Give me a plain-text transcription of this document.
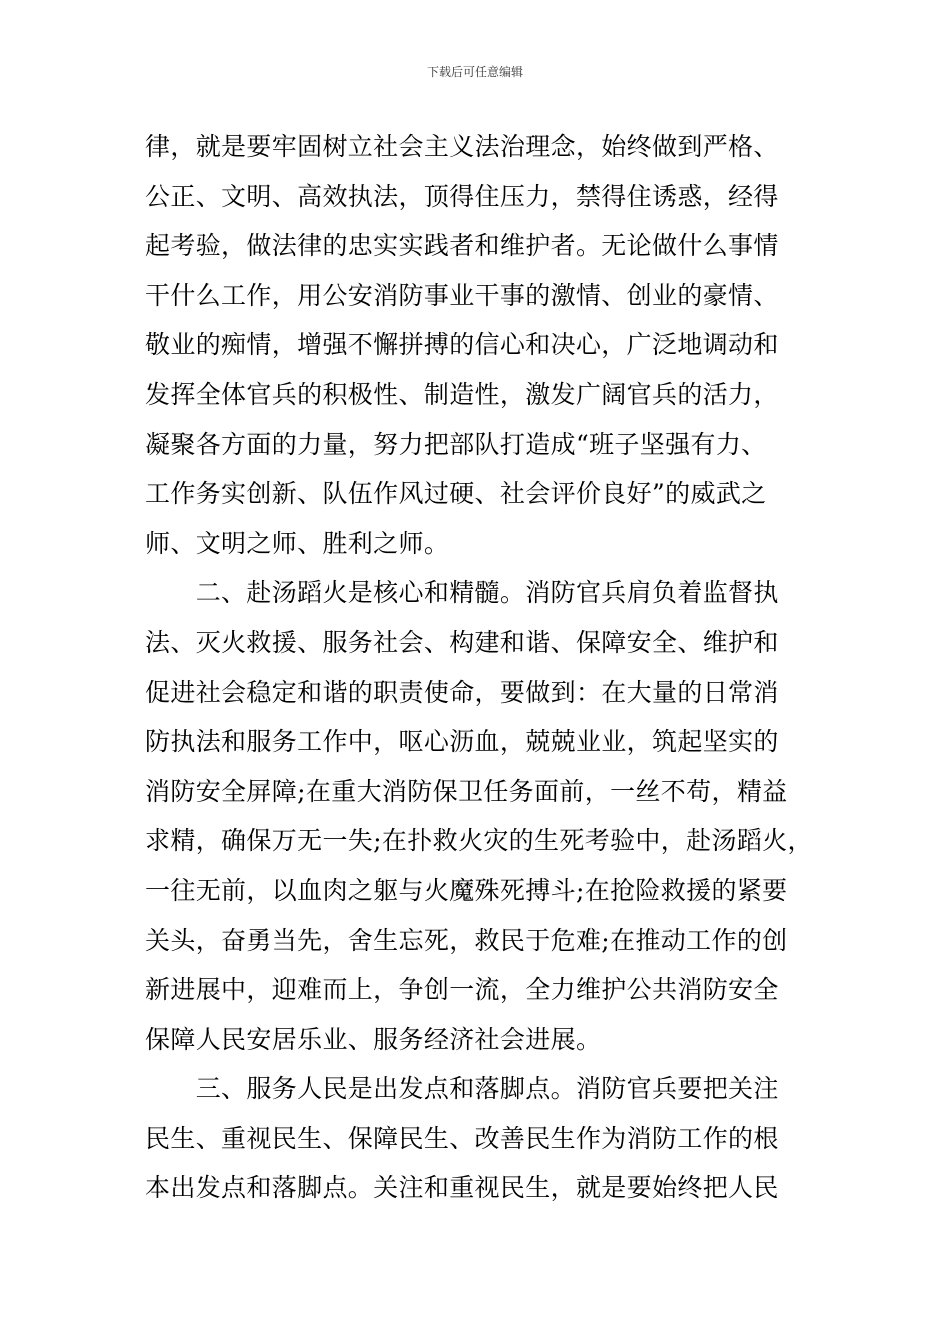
下载后可任意编辑
律，就是要牢固树立社会主义法治理念，始终做到严格、
公正、文明、高效执法，顶得住压力，禁得住诱惑，经得
起考验，做法律的忠实实践者和维护者。无论做什么事情
干什么工作，用公安消防事业干事的激情、创业的豪情、
敬业的痴情，增强不懈拼搏的信心和决心，广泛地调动和
发挥全体官兵的积极性、制造性，激发广阔官兵的活力，
凝聚各方面的力量，努力把部队打造成“班子坚强有力、
工作务实创新、队伍作风过硬、社会评价良好”的威武之
师、文明之师、胜利之师。
　　二、赴汤蹈火是核心和精髓。消防官兵肩负着监督执
法、灭火救援、服务社会、构建和谐、保障安全、维护和
促进社会稳定和谐的职责使命，要做到：在大量的日常消
防执法和服务工作中，呕心沥血，兢兢业业，筑起坚实的
消防安全屏障;在重大消防保卫任务面前，一丝不苟，精益
求精，确保万无一失;在扑救火灾的生死考验中，赴汤蹈火，
一往无前，以血肉之躯与火魔殊死搏斗;在抢险救援的紧要
关头，奋勇当先，舍生忘死，救民于危难;在推动工作的创
新进展中，迎难而上，争创一流，全力维护公共消防安全
保障人民安居乐业、服务经济社会进展。
　　三、服务人民是出发点和落脚点。消防官兵要把关注
民生、重视民生、保障民生、改善民生作为消防工作的根
本出发点和落脚点。关注和重视民生，就是要始终把人民
